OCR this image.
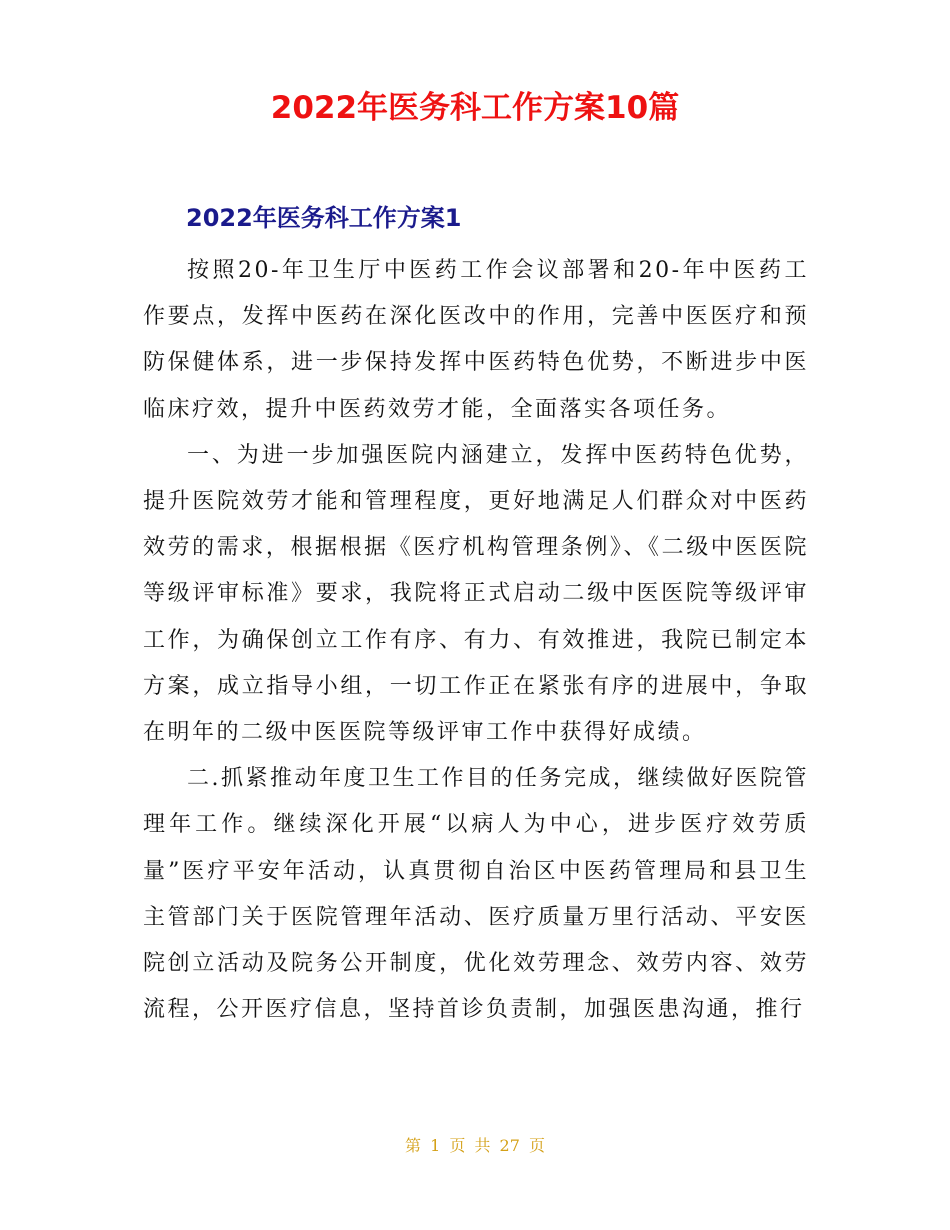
2022年医务科工作方案10篇
2022年医务科工作方案1

按照20-年卫生厅中医药工作会议部署和20-年中医药工作要点，发挥中医药在深化医改中的作用，完善中医医疗和预防保健体系，进一步保持发挥中医药特色优势，不断进步中医临床疗效，提升中医药效劳才能，全面落实各项任务。

一、为进一步加强医院内涵建立，发挥中医药特色优势，提升医院效劳才能和管理程度，更好地满足人们群众对中医药效劳的需求，根据根据《医疗机构管理条例》、《二级中医医院等级评审标准》要求，我院将正式启动二级中医医院等级评审工作，为确保创立工作有序、有力、有效推进，我院已制定本方案，成立指导小组，一切工作正在紧张有序的进展中，争取在明年的二级中医医院等级评审工作中获得好成绩。

二.抓紧推动年度卫生工作目的任务完成，继续做好医院管理年工作。继续深化开展“以病人为中心，进步医疗效劳质量”医疗平安年活动，认真贯彻自治区中医药管理局和县卫生主管部门关于医院管理年活动、医疗质量万里行活动、平安医院创立活动及院务公开制度，优化效劳理念、效劳内容、效劳流程，公开医疗信息，坚持首诊负责制，加强医患沟通，推行

第 1 页 共 27 页
